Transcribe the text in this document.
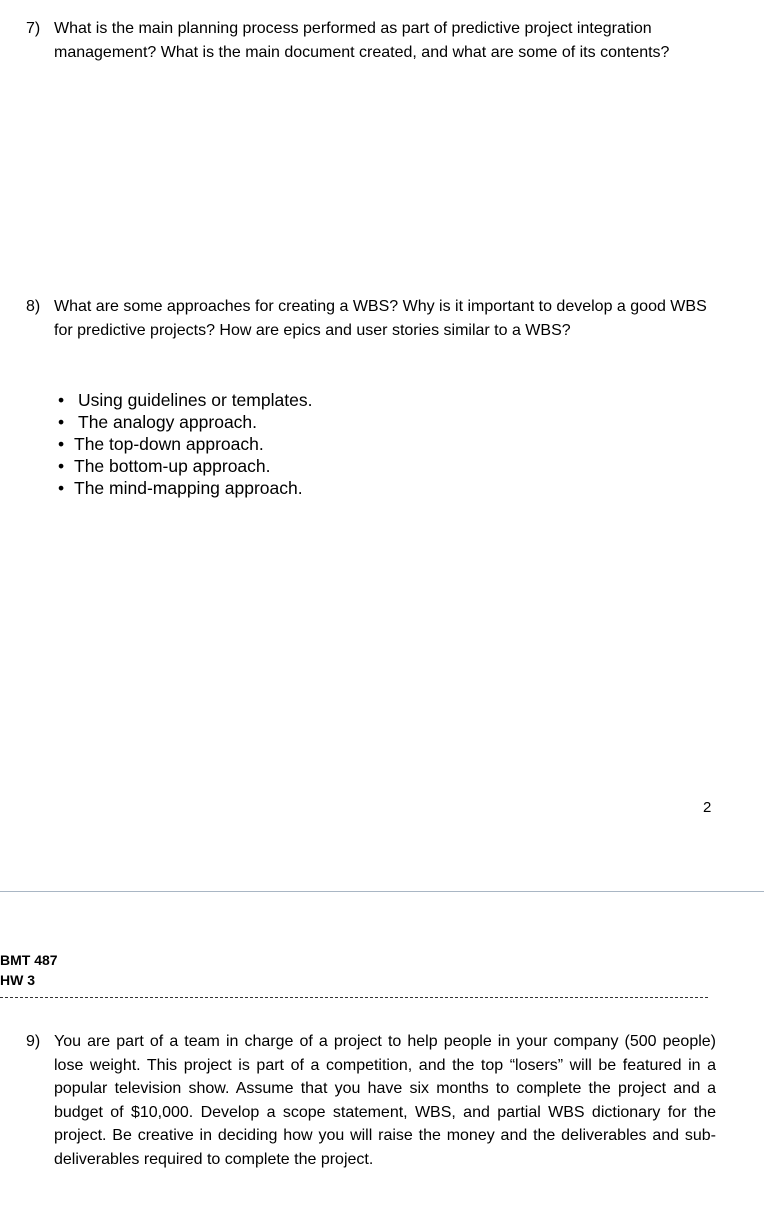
7) What is the main planning process performed as part of predictive project integration management? What is the main document created, and what are some of its contents?
8) What are some approaches for creating a WBS? Why is it important to develop a good WBS for predictive projects? How are epics and user stories similar to a WBS?
• Using guidelines or templates.
• The analogy approach.
• The top-down approach.
• The bottom-up approach.
• The mind-mapping approach.
2
BMT 487
HW 3
9) You are part of a team in charge of a project to help people in your company (500 people) lose weight. This project is part of a competition, and the top “losers” will be featured in a popular television show. Assume that you have six months to complete the project and a budget of $10,000. Develop a scope statement, WBS, and partial WBS dictionary for the project. Be creative in deciding how you will raise the money and the deliverables and sub-deliverables required to complete the project.
